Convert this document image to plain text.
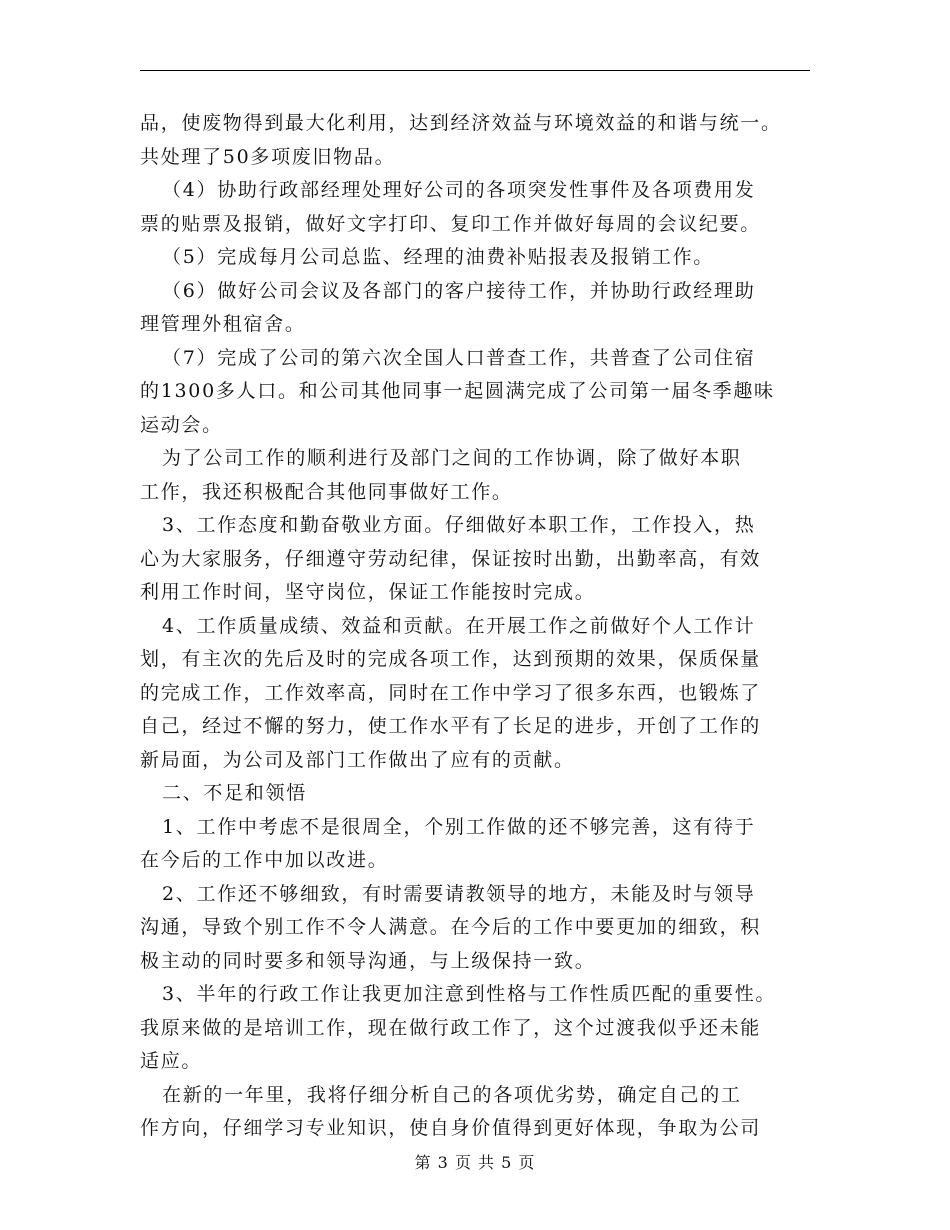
品，使废物得到最大化利用，达到经济效益与环境效益的和谐与统一。
共处理了50多项废旧物品。
（4）协助行政部经理处理好公司的各项突发性事件及各项费用发
票的贴票及报销，做好文字打印、复印工作并做好每周的会议纪要。
（5）完成每月公司总监、经理的油费补贴报表及报销工作。
（6）做好公司会议及各部门的客户接待工作，并协助行政经理助
理管理外租宿舍。
（7）完成了公司的第六次全国人口普查工作，共普查了公司住宿
的1300多人口。和公司其他同事一起圆满完成了公司第一届冬季趣味
运动会。
为了公司工作的顺利进行及部门之间的工作协调，除了做好本职
工作，我还积极配合其他同事做好工作。
3、工作态度和勤奋敬业方面。仔细做好本职工作，工作投入，热
心为大家服务，仔细遵守劳动纪律，保证按时出勤，出勤率高，有效
利用工作时间，坚守岗位，保证工作能按时完成。
4、工作质量成绩、效益和贡献。在开展工作之前做好个人工作计
划，有主次的先后及时的完成各项工作，达到预期的效果，保质保量
的完成工作，工作效率高，同时在工作中学习了很多东西，也锻炼了
自己，经过不懈的努力，使工作水平有了长足的进步，开创了工作的
新局面，为公司及部门工作做出了应有的贡献。
二、不足和领悟
1、工作中考虑不是很周全，个别工作做的还不够完善，这有待于
在今后的工作中加以改进。
2、工作还不够细致，有时需要请教领导的地方，未能及时与领导
沟通，导致个别工作不令人满意。在今后的工作中要更加的细致，积
极主动的同时要多和领导沟通，与上级保持一致。
3、半年的行政工作让我更加注意到性格与工作性质匹配的重要性。
我原来做的是培训工作，现在做行政工作了，这个过渡我似乎还未能
适应。
在新的一年里，我将仔细分析自己的各项优劣势，确定自己的工
作方向，仔细学习专业知识，使自身价值得到更好体现，争取为公司
第 3 页 共 5 页
